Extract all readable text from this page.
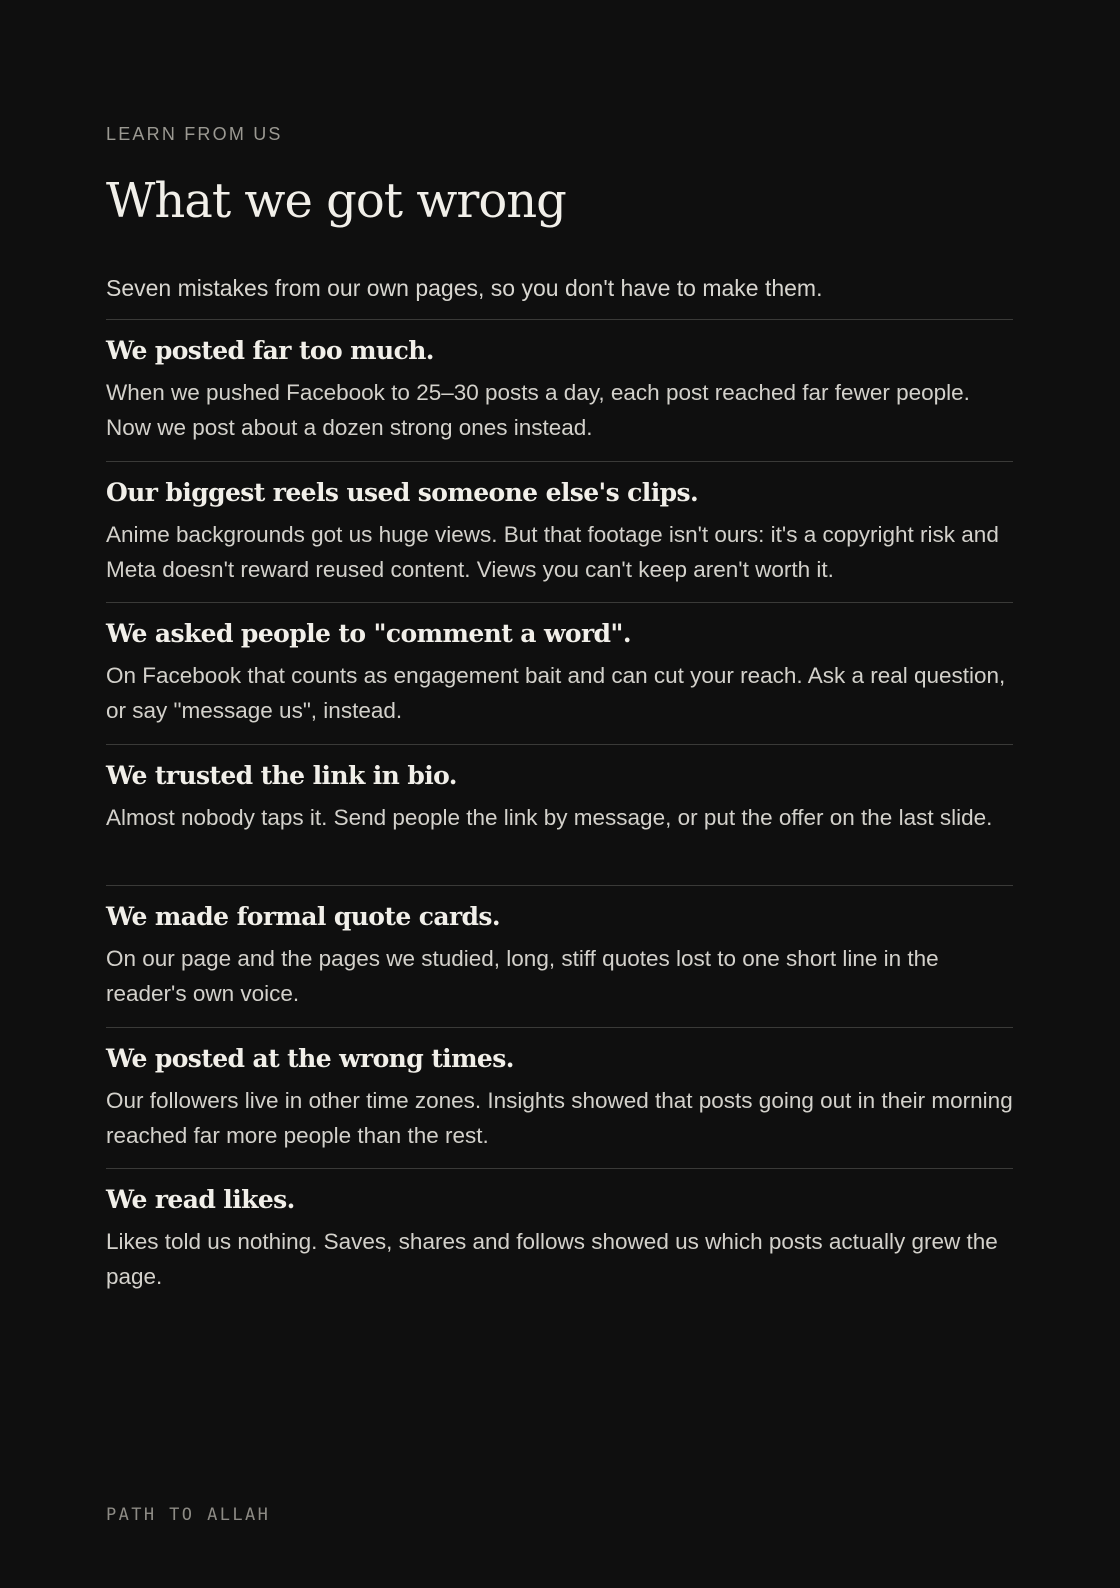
LEARN FROM US
What we got wrong
Seven mistakes from our own pages, so you don't have to make them.
We posted far too much.

When we pushed Facebook to 25–30 posts a day, each post reached far fewer people. Now we post about a dozen strong ones instead.

Our biggest reels used someone else's clips.

Anime backgrounds got us huge views. But that footage isn't ours: it's a copyright risk and Meta doesn't reward reused content. Views you can't keep aren't worth it.

We asked people to "comment a word".

On Facebook that counts as engagement bait and can cut your reach. Ask a real question, or say "message us", instead.

We trusted the link in bio.

Almost nobody taps it. Send people the link by message, or put the offer on the last slide.

We made formal quote cards.

On our page and the pages we studied, long, stiff quotes lost to one short line in the reader's own voice.

We posted at the wrong times.

Our followers live in other time zones. Insights showed that posts going out in their morning reached far more people than the rest.

We read likes.

Likes told us nothing. Saves, shares and follows showed us which posts actually grew the page.

PATH TO ALLAH
